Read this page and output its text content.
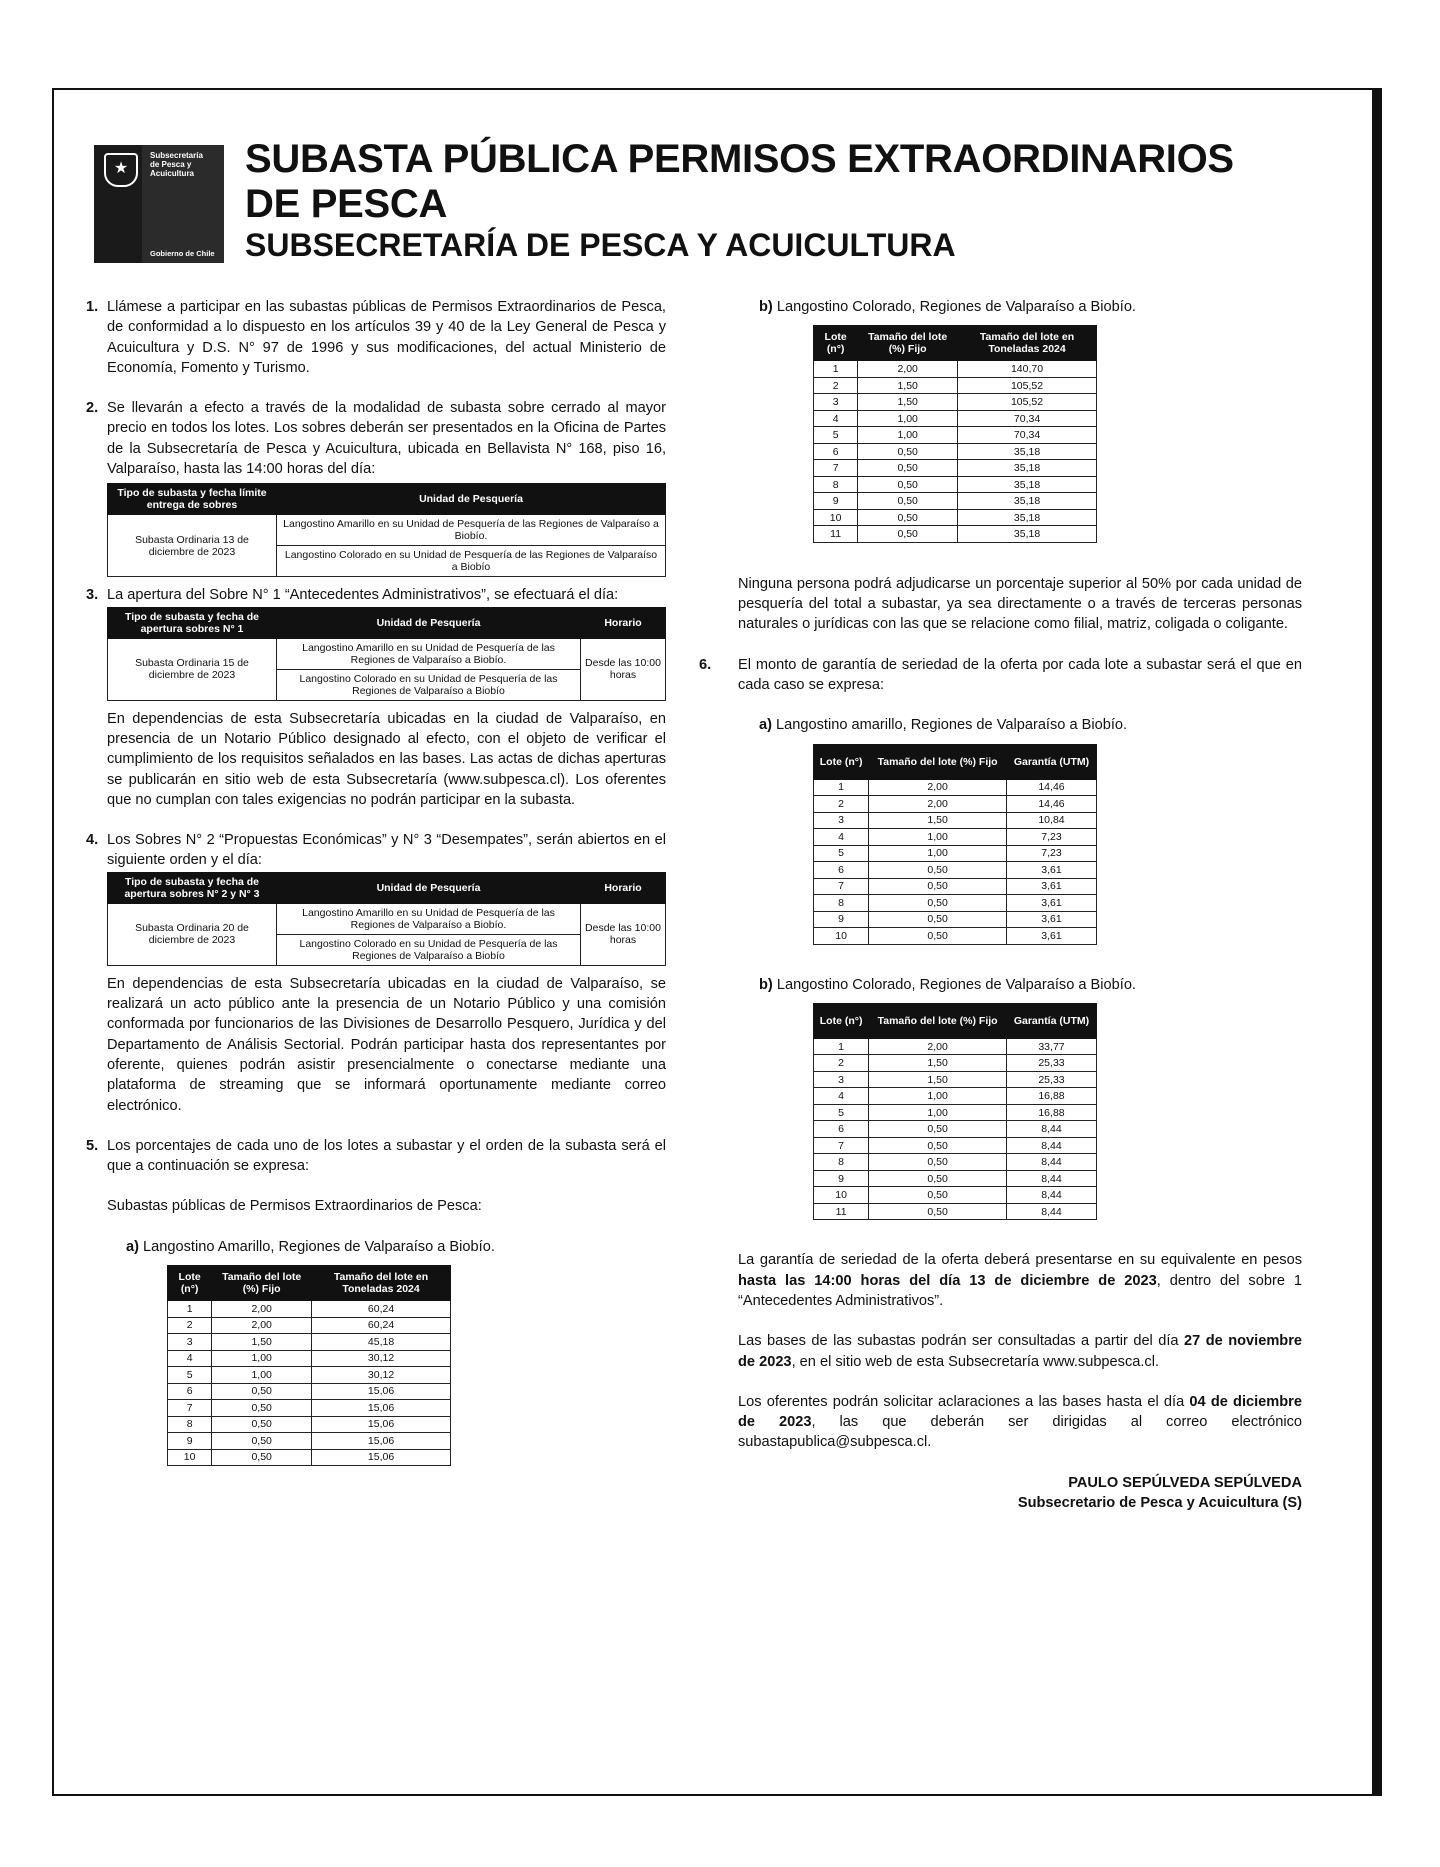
★
Subsecretaría
de Pesca y
Acuicultura
Gobierno de Chile
SUBASTA PÚBLICA PERMISOS EXTRAORDINARIOS
DE PESCA
SUBSECRETARÍA DE PESCA Y ACUICULTURA
1. Llámese a participar en las subastas públicas de Permisos Extraordinarios de Pesca, de conformidad a lo dispuesto en los artículos 39 y 40 de la Ley General de Pesca y Acuicultura y D.S. N° 97 de 1996 y sus modificaciones, del actual Ministerio de Economía, Fomento y Turismo.

2. Se llevarán a efecto a través de la modalidad de subasta sobre cerrado al mayor precio en todos los lotes. Los sobres deberán ser presentados en la Oficina de Partes de la Subsecretaría de Pesca y Acuicultura, ubicada en Bellavista N° 168, piso 16, Valparaíso, hasta las 14:00 horas del día:

Tipo de subasta y fecha límite entrega de sobres	Unidad de Pesquería
Subasta Ordinaria 13 de diciembre de 2023	Langostino Amarillo en su Unidad de Pesquería de las Regiones de Valparaíso a Biobío.
	Langostino Colorado en su Unidad de Pesquería de las Regiones de Valparaíso a Biobío
3. La apertura del Sobre N° 1 “Antecedentes Administrativos”, se efectuará el día:

Tipo de subasta y fecha de apertura sobres N° 1	Unidad de Pesquería	Horario
Subasta Ordinaria 15 de diciembre de 2023	Langostino Amarillo en su Unidad de Pesquería de las Regiones de Valparaíso a Biobío.	Desde las 10:00 horas
	Langostino Colorado en su Unidad de Pesquería de las Regiones de Valparaíso a Biobío	

En dependencias de esta Subsecretaría ubicadas en la ciudad de Valparaíso, en presencia de un Notario Público designado al efecto, con el objeto de verificar el cumplimiento de los requisitos señalados en las bases. Las actas de dichas aperturas se publicarán en sitio web de esta Subsecretaría (www.subpesca.cl). Los oferentes que no cumplan con tales exigencias no podrán participar en la subasta.

4. Los Sobres N° 2 “Propuestas Económicas” y N° 3 “Desempates”, serán abiertos en el siguiente orden y el día:

Tipo de subasta y fecha de apertura sobres N° 2 y N° 3	Unidad de Pesquería	Horario
Subasta Ordinaria 20 de diciembre de 2023	Langostino Amarillo en su Unidad de Pesquería de las Regiones de Valparaíso a Biobío.	Desde las 10:00 horas
	Langostino Colorado en su Unidad de Pesquería de las Regiones de Valparaíso a Biobío	

En dependencias de esta Subsecretaría ubicadas en la ciudad de Valparaíso, se realizará un acto público ante la presencia de un Notario Público y una comisión conformada por funcionarios de las Divisiones de Desarrollo Pesquero, Jurídica y del Departamento de Análisis Sectorial. Podrán participar hasta dos representantes por oferente, quienes podrán asistir presencialmente o conectarse mediante una plataforma de streaming que se informará oportunamente mediante correo electrónico.

5. Los porcentajes de cada uno de los lotes a subastar y el orden de la subasta será el que a continuación se expresa:

Subastas públicas de Permisos Extraordinarios de Pesca:

a) Langostino Amarillo, Regiones de Valparaíso a Biobío.

Lote (n°)	Tamaño del lote (%) Fijo	Tamaño del lote en Toneladas 2024
1	2,00	60,24
2	2,00	60,24
3	1,50	45,18
4	1,00	30,12
5	1,00	30,12
6	0,50	15,06
7	0,50	15,06
8	0,50	15,06
9	0,50	15,06
10	0,50	15,06

b) Langostino Colorado, Regiones de Valparaíso a Biobío.

Lote (n°)	Tamaño del lote (%) Fijo	Tamaño del lote en Toneladas 2024
1	2,00	140,70
2	1,50	105,52
3	1,50	105,52
4	1,00	70,34
5	1,00	70,34
6	0,50	35,18
7	0,50	35,18
8	0,50	35,18
9	0,50	35,18
10	0,50	35,18
11	0,50	35,18

Ninguna persona podrá adjudicarse un porcentaje superior al 50% por cada unidad de pesquería del total a subastar, ya sea directamente o a través de terceras personas naturales o jurídicas con las que se relacione como filial, matriz, coligada o coligante.

6. El monto de garantía de seriedad de la oferta por cada lote a subastar será el que en cada caso se expresa:

a) Langostino amarillo, Regiones de Valparaíso a Biobío.

Lote (n°)	Tamaño del lote (%) Fijo	Garantía (UTM)
1	2,00	14,46
2	2,00	14,46
3	1,50	10,84
4	1,00	7,23
5	1,00	7,23
6	0,50	3,61
7	0,50	3,61
8	0,50	3,61
9	0,50	3,61
10	0,50	3,61

b) Langostino Colorado, Regiones de Valparaíso a Biobío.

Lote (n°)	Tamaño del lote (%) Fijo	Garantía (UTM)
1	2,00	33,77
2	1,50	25,33
3	1,50	25,33
4	1,00	16,88
5	1,00	16,88
6	0,50	8,44
7	0,50	8,44
8	0,50	8,44
9	0,50	8,44
10	0,50	8,44
11	0,50	8,44

La garantía de seriedad de la oferta deberá presentarse en su equivalente en pesos hasta las 14:00 horas del día 13 de diciembre de 2023, dentro del sobre 1 “Antecedentes Administrativos”.

Las bases de las subastas podrán ser consultadas a partir del día 27 de noviembre de 2023, en el sitio web de esta Subsecretaría www.subpesca.cl.

Los oferentes podrán solicitar aclaraciones a las bases hasta el día 04 de diciembre de 2023, las que deberán ser dirigidas al correo electrónico subastapublica@subpesca.cl.

PAULO SEPÚLVEDA SEPÚLVEDA
Subsecretario de Pesca y Acuicultura (S)
